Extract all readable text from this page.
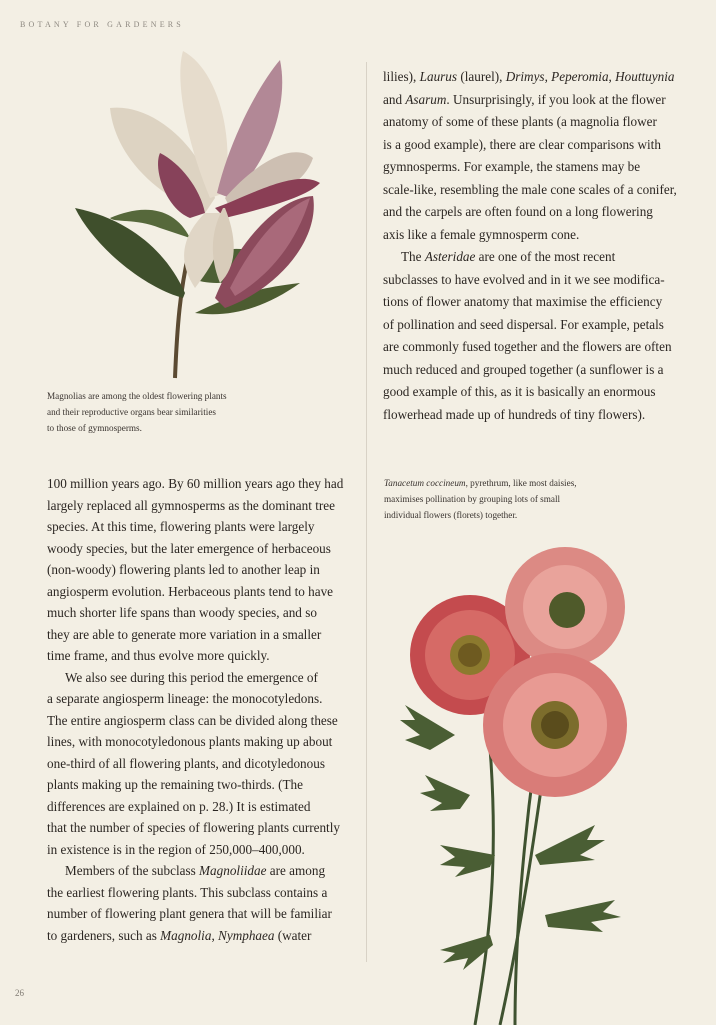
BOTANY FOR GARDENERS
Magnolias are among the oldest flowering plants
and their reproductive organs bear similarities
to those of gymnosperms.
lilies), Laurus (laurel), Drimys, Peperomia, Houttuynia
and Asarum. Unsurprisingly, if you look at the flower
anatomy of some of these plants (a magnolia flower
is a good example), there are clear comparisons with
gymnosperms. For example, the stamens may be
scale-like, resembling the male cone scales of a conifer,
and the carpels are often found on a long flowering
axis like a female gymnosperm cone.
The Asteridae are one of the most recent
subclasses to have evolved and in it we see modifica-
tions of flower anatomy that maximise the efficiency
of pollination and seed dispersal. For example, petals
are commonly fused together and the flowers are often
much reduced and grouped together (a sunflower is a
good example of this, as it is basically an enormous
flowerhead made up of hundreds of tiny flowers).
Tanacetum coccineum, pyrethrum, like most daisies,
maximises pollination by grouping lots of small
individual flowers (florets) together.
100 million years ago. By 60 million years ago they had
largely replaced all gymnosperms as the dominant tree
species. At this time, flowering plants were largely
woody species, but the later emergence of herbaceous
(non-woody) flowering plants led to another leap in
angiosperm evolution. Herbaceous plants tend to have
much shorter life spans than woody species, and so
they are able to generate more variation in a smaller
time frame, and thus evolve more quickly.
We also see during this period the emergence of
a separate angiosperm lineage: the monocotyledons.
The entire angiosperm class can be divided along these
lines, with monocotyledonous plants making up about
one-third of all flowering plants, and dicotyledonous
plants making up the remaining two-thirds. (The
differences are explained on p. 28.) It is estimated
that the number of species of flowering plants currently
in existence is in the region of 250,000–400,000.
Members of the subclass Magnoliidae are among
the earliest flowering plants. This subclass contains a
number of flowering plant genera that will be familiar
to gardeners, such as Magnolia, Nymphaea (water
26
